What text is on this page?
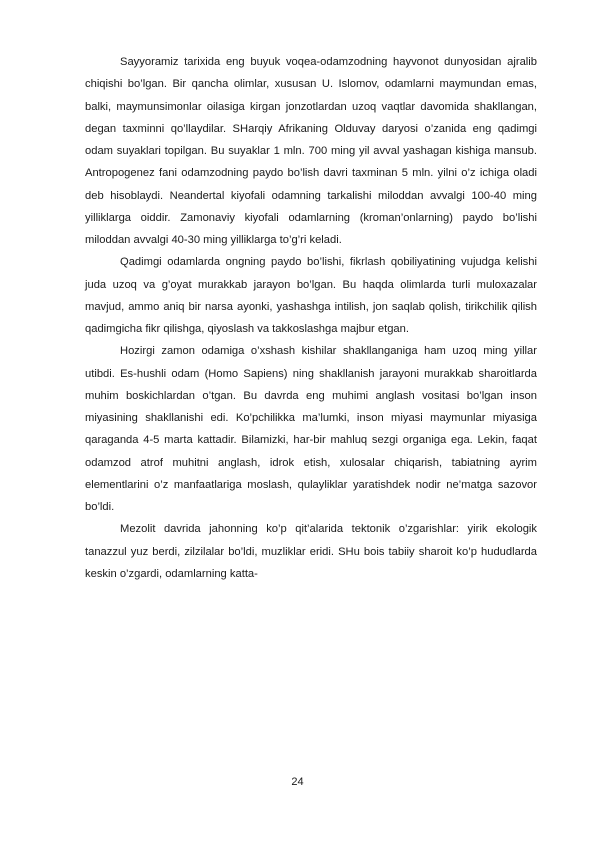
Sayyoramiz tarixida eng buyuk voqea-odamzodning hayvonot dunyosidan ajralib chiqishi bo’lgan. Bir qancha olimlar, xususan U. Islomov, odamlarni maymundan emas, balki, maymunsimonlar oilasiga kirgan jonzotlardan uzoq vaqtlar davomida shakllangan, degan taxminni qo’llaydilar. SHarqiy Afrikaning Olduvay daryosi o’zanida eng qadimgi odam suyaklari topilgan. Bu suyaklar 1 mln. 700 ming yil avval yashagan kishiga mansub. Antropogenez fani odamzodning paydo bo’lish davri taxminan 5 mln. yilni o’z ichiga oladi deb hisoblaydi. Neandertal kiyofali odamning tarkalishi miloddan avvalgi 100-40 ming yilliklarga oiddir. Zamonaviy kiyofali odamlarning (kroman’onlarning) paydo bo’lishi miloddan avvalgi 40-30 ming yilliklarga to’g’ri keladi.

Qadimgi odamlarda ongning paydo bo’lishi, fikrlash qobiliyatining vujudga kelishi juda uzoq va g’oyat murakkab jarayon bo’lgan. Bu haqda olimlarda turli muloxazalar mavjud, ammo aniq bir narsa ayonki, yashashga intilish, jon saqlab qolish, tirikchilik qilish qadimgicha fikr qilishga, qiyoslash va takkoslashga majbur etgan.

Hozirgi zamon odamiga o’xshash kishilar shakllanganiga ham uzoq ming yillar utibdi. Es-hushli odam (Homo Sapiens) ning shakllanish jarayoni murakkab sharoitlarda muhim boskichlardan o’tgan. Bu davrda eng muhimi anglash vositasi bo’lgan inson miyasining shakllanishi edi. Ko’pchilikka ma’lumki, inson miyasi maymunlar miyasiga qaraganda 4-5 marta kattadir. Bilamizki, har-bir mahluq sezgi organiga ega. Lekin, faqat odamzod atrof muhitni anglash, idrok etish, xulosalar chiqarish, tabiatning ayrim elementlarini o’z manfaatlariga moslash, qulayliklar yaratishdek nodir ne’matga sazovor bo’ldi.

Mezolit davrida jahonning ko’p qit’alarida tektonik o’zgarishlar: yirik ekologik tanazzul yuz berdi, zilzilalar bo’ldi, muzliklar eridi. SHu bois tabiiy sharoit ko’p hududlarda keskin o’zgardi, odamlarning katta-

24
